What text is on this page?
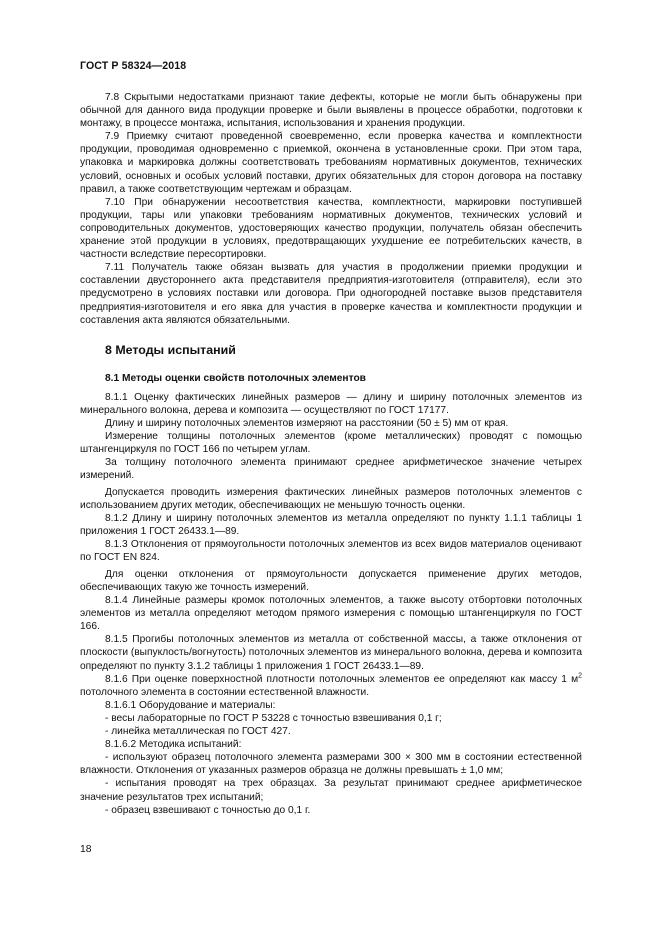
ГОСТ Р 58324—2018

7.8 Скрытыми недостатками признают такие дефекты, которые не могли быть обнаружены при обычной для данного вида продукции проверке и были выявлены в процессе обработки, подготовки к монтажу, в процессе монтажа, испытания, использования и хранения продукции.

7.9 Приемку считают проведенной своевременно, если проверка качества и комплектности продукции, проводимая одновременно с приемкой, окончена в установленные сроки. При этом тара, упаковка и маркировка должны соответствовать требованиям нормативных документов, технических условий, основных и особых условий поставки, других обязательных для сторон договора на поставку правил, а также соответствующим чертежам и образцам.

7.10 При обнаружении несоответствия качества, комплектности, маркировки поступившей продукции, тары или упаковки требованиям нормативных документов, технических условий и сопроводительных документов, удостоверяющих качество продукции, получатель обязан обеспечить хранение этой продукции в условиях, предотвращающих ухудшение ее потребительских качеств, в частности вследствие пересортировки.

7.11 Получатель также обязан вызвать для участия в продолжении приемки продукции и составлении двустороннего акта представителя предприятия-изготовителя (отправителя), если это предусмотрено в условиях поставки или договора. При одногородней поставке вызов представителя предприятия-изготовителя и его явка для участия в проверке качества и комплектности продукции и составления акта являются обязательными.

8 Методы испытаний
8.1 Методы оценки свойств потолочных элементов

8.1.1 Оценку фактических линейных размеров — длину и ширину потолочных элементов из минерального волокна, дерева и композита — осуществляют по ГОСТ 17177.

Длину и ширину потолочных элементов измеряют на расстоянии (50 ± 5) мм от края.

Измерение толщины потолочных элементов (кроме металлических) проводят с помощью штангенциркуля по ГОСТ 166 по четырем углам.

За толщину потолочного элемента принимают среднее арифметическое значение четырех измерений.

Допускается проводить измерения фактических линейных размеров потолочных элементов с использованием других методик, обеспечивающих не меньшую точность оценки.

8.1.2 Длину и ширину потолочных элементов из металла определяют по пункту 1.1.1 таблицы 1 приложения 1 ГОСТ 26433.1—89.

8.1.3 Отклонения от прямоугольности потолочных элементов из всех видов материалов оценивают по ГОСТ EN 824.

Для оценки отклонения от прямоугольности допускается применение других методов, обеспечивающих такую же точность измерений.

8.1.4 Линейные размеры кромок потолочных элементов, а также высоту отбортовки потолочных элементов из металла определяют методом прямого измерения с помощью штангенциркуля по ГОСТ 166.

8.1.5 Прогибы потолочных элементов из металла от собственной массы, а также отклонения от плоскости (выпуклость/вогнутость) потолочных элементов из минерального волокна, дерева и композита определяют по пункту 3.1.2 таблицы 1 приложения 1 ГОСТ 26433.1—89.

8.1.6 При оценке поверхностной плотности потолочных элементов ее определяют как массу 1 $м^2$ потолочного элемента в состоянии естественной влажности.

8.1.6.1 Оборудование и материалы:

- весы лабораторные по ГОСТ Р 53228 с точностью взвешивания 0,1 г;

- линейка металлическая по ГОСТ 427.

8.1.6.2 Методика испытаний:

- используют образец потолочного элемента размерами 300 × 300 мм в состоянии естественной влажности. Отклонения от указанных размеров образца не должны превышать ± 1,0 мм;

- испытания проводят на трех образцах. За результат принимают среднее арифметическое значение результатов трех испытаний;

- образец взвешивают с точностью до 0,1 г.

18
